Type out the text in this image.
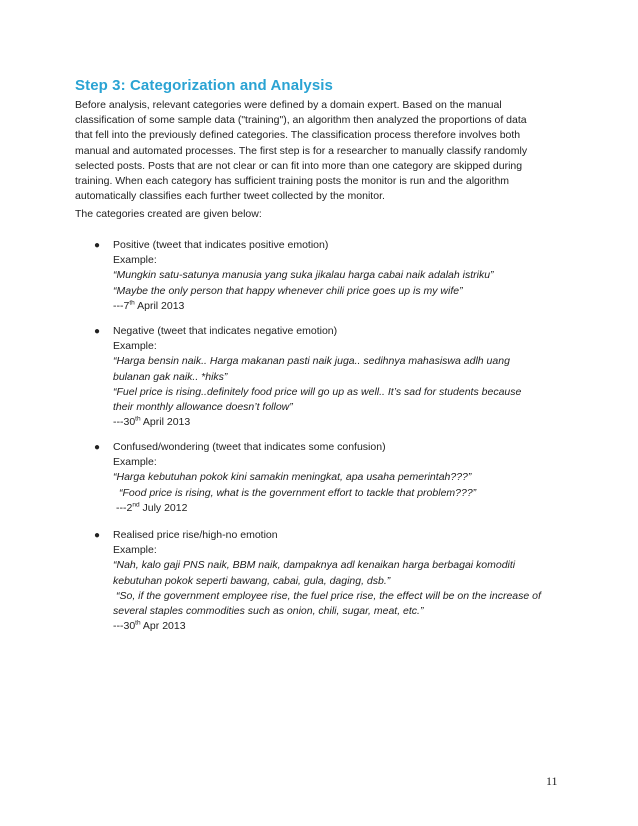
Step 3: Categorization and Analysis
Before analysis, relevant categories were defined by a domain expert. Based on the manual
classification of some sample data ("training"), an algorithm then analyzed the proportions of data
that fell into the previously defined categories. The classification process therefore involves both
manual and automated processes. The first step is for a researcher to manually classify randomly
selected posts. Posts that are not clear or can fit into more than one category are skipped during
training. When each category has sufficient training posts the monitor is run and the algorithm
automatically classifies each further tweet collected by the monitor.
The categories created are given below:
● Positive (tweet that indicates positive emotion)
Example:
“Mungkin satu-satunya manusia yang suka jikalau harga cabai naik adalah istriku”
“Maybe the only person that happy whenever chili price goes up is my wife”
---7th April 2013
● Negative (tweet that indicates negative emotion)
Example:
“Harga bensin naik.. Harga makanan pasti naik juga.. sedihnya mahasiswa adlh uang
bulanan gak naik.. *hiks”
“Fuel price is rising..definitely food price will go up as well.. It’s sad for students because
their monthly allowance doesn’t follow”
---30th April 2013
● Confused/wondering (tweet that indicates some confusion)
Example:
“Harga kebutuhan pokok kini samakin meningkat, apa usaha pemerintah???”
“Food price is rising, what is the government effort to tackle that problem???”
---2nd July 2012
● Realised price rise/high-no emotion
Example:
“Nah, kalo gaji PNS naik, BBM naik, dampaknya adl kenaikan harga berbagai komoditi
kebutuhan pokok seperti bawang, cabai, gula, daging, dsb.”
“So, if the government employee rise, the fuel price rise, the effect will be on the increase of
several staples commodities such as onion, chili, sugar, meat, etc.”
---30th Apr 2013
11
